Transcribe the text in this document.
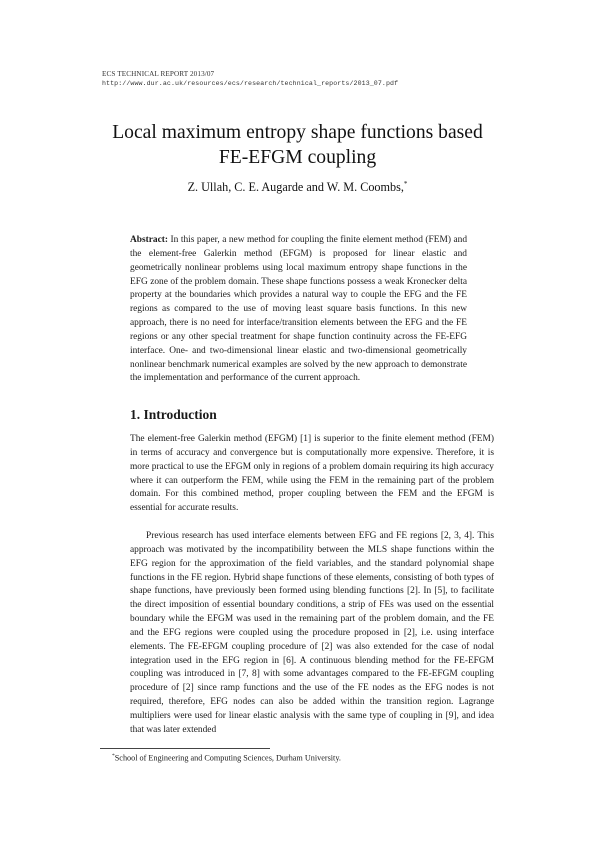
ECS TECHNICAL REPORT 2013/07
http://www.dur.ac.uk/resources/ecs/research/technical_reports/2013_07.pdf
Local maximum entropy shape functions based
FE-EFGM coupling
Z. Ullah, C. E. Augarde and W. M. Coombs,*
Abstract: In this paper, a new method for coupling the finite element method (FEM) and the element-free Galerkin method (EFGM) is proposed for linear elastic and geometrically nonlinear problems using local maximum entropy shape functions in the EFG zone of the problem domain. These shape functions possess a weak Kronecker delta property at the boundaries which provides a natural way to couple the EFG and the FE regions as compared to the use of moving least square basis functions. In this new approach, there is no need for interface/transition elements between the EFG and the FE regions or any other special treatment for shape function continuity across the FE-EFG interface. One- and two-dimensional linear elastic and two-dimensional geometrically nonlinear benchmark numerical examples are solved by the new approach to demonstrate the implementation and performance of the current approach.
1. Introduction

The element-free Galerkin method (EFGM) [1] is superior to the finite element method (FEM) in terms of accuracy and convergence but is computationally more expensive. Therefore, it is more practical to use the EFGM only in regions of a problem domain requiring its high accuracy where it can outperform the FEM, while using the FEM in the remaining part of the problem domain. For this combined method, proper coupling between the FEM and the EFGM is essential for accurate results.

Previous research has used interface elements between EFG and FE regions [2, 3, 4]. This approach was motivated by the incompatibility between the MLS shape functions within the EFG region for the approximation of the field variables, and the standard polynomial shape functions in the FE region. Hybrid shape functions of these elements, consisting of both types of shape functions, have previously been formed using blending functions [2]. In [5], to facilitate the direct imposition of essential boundary conditions, a strip of FEs was used on the essential boundary while the EFGM was used in the remaining part of the problem domain, and the FE and the EFG regions were coupled using the procedure proposed in [2], i.e. using interface elements. The FE-EFGM coupling procedure of [2] was also extended for the case of nodal integration used in the EFG region in [6]. A continuous blending method for the FE-EFGM coupling was introduced in [7, 8] with some advantages compared to the FE-EFGM coupling procedure of [2] since ramp functions and the use of the FE nodes as the EFG nodes is not required, therefore, EFG nodes can also be added within the transition region. Lagrange multipliers were used for linear elastic analysis with the same type of coupling in [9], and idea that was later extended

*School of Engineering and Computing Sciences, Durham University.
